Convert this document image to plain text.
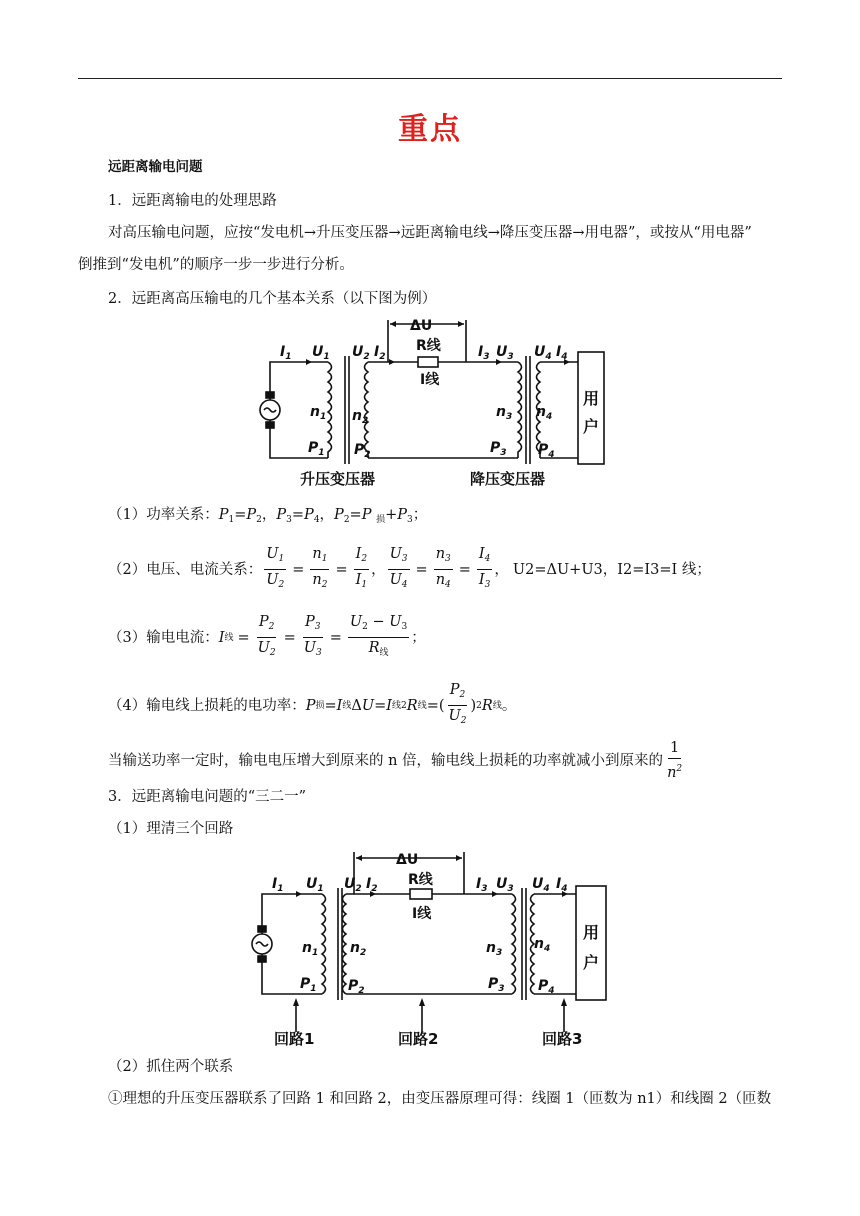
重点
远距离输电问题
1．远距离输电的处理思路
对高压输电问题，应按“发电机→升压变压器→远距离输电线→降压变压器→用电器”，或按从“用电器”
倒推到“发电机”的顺序一步一步进行分析。
2．远距离高压输电的几个基本关系（以下图为例）
$I_1$ $U_1$ $U_2$ $I_2$	$I_3$ $U_3$ $U_4$ $I_4$
$n_1$ $n_2$
$n_3$ $n_4$
$P_1$ $P_2$	$P_3$ $P_4$
ΔU
R线
I线
用
户
升压变压器	降压变压器
（1）功率关系：$P_1=P_2$，$P_3=P_4$，$P_2=P$ $_损+P_3$；
（2）电压、电流关系： $\frac{U_1}{U_2} = \frac{n_1}{n_2} = \frac{I_2}{I_1}$ ， $\frac{U_3}{U_4} = \frac{n_3}{n_4} = \frac{I_4}{I_3}$ ， U2=ΔU+U3，I2=I3=I 线；
（3）输电电流： I 线 = $\frac{P_2}{U_2} = \frac{P_3}{U_3} = \frac{U_2 - U_3}{R_线}$ ；
（4）输电线上损耗的电功率： P 损 = I 线 Δ U = I 线 2 R 线 =( $\frac{P_2}{U_2}$ ) 2 R 线 。
当输送功率一定时，输电电压增大到原来的 n 倍，输电线上损耗的功率就减小到原来的 $\frac{1}{n^2}$
3．远距离输电问题的“三二一”
（1）理清三个回路
$I_1$ $U_1$ $U_2$ $I_2$	$I_3$ $U_3$ $U_4$ $I_4$
$n_1$ $n_2$	$n_3$
$n_4$
$P_1$ $P_2$	$P_3$ $P_4$
ΔU
R线
I线
用
户
回路1	回路2	回路3
（2）抓住两个联系
①理想的升压变压器联系了回路 1 和回路 2，由变压器原理可得：线圈 1（匝数为 n1）和线圈 2（匝数
